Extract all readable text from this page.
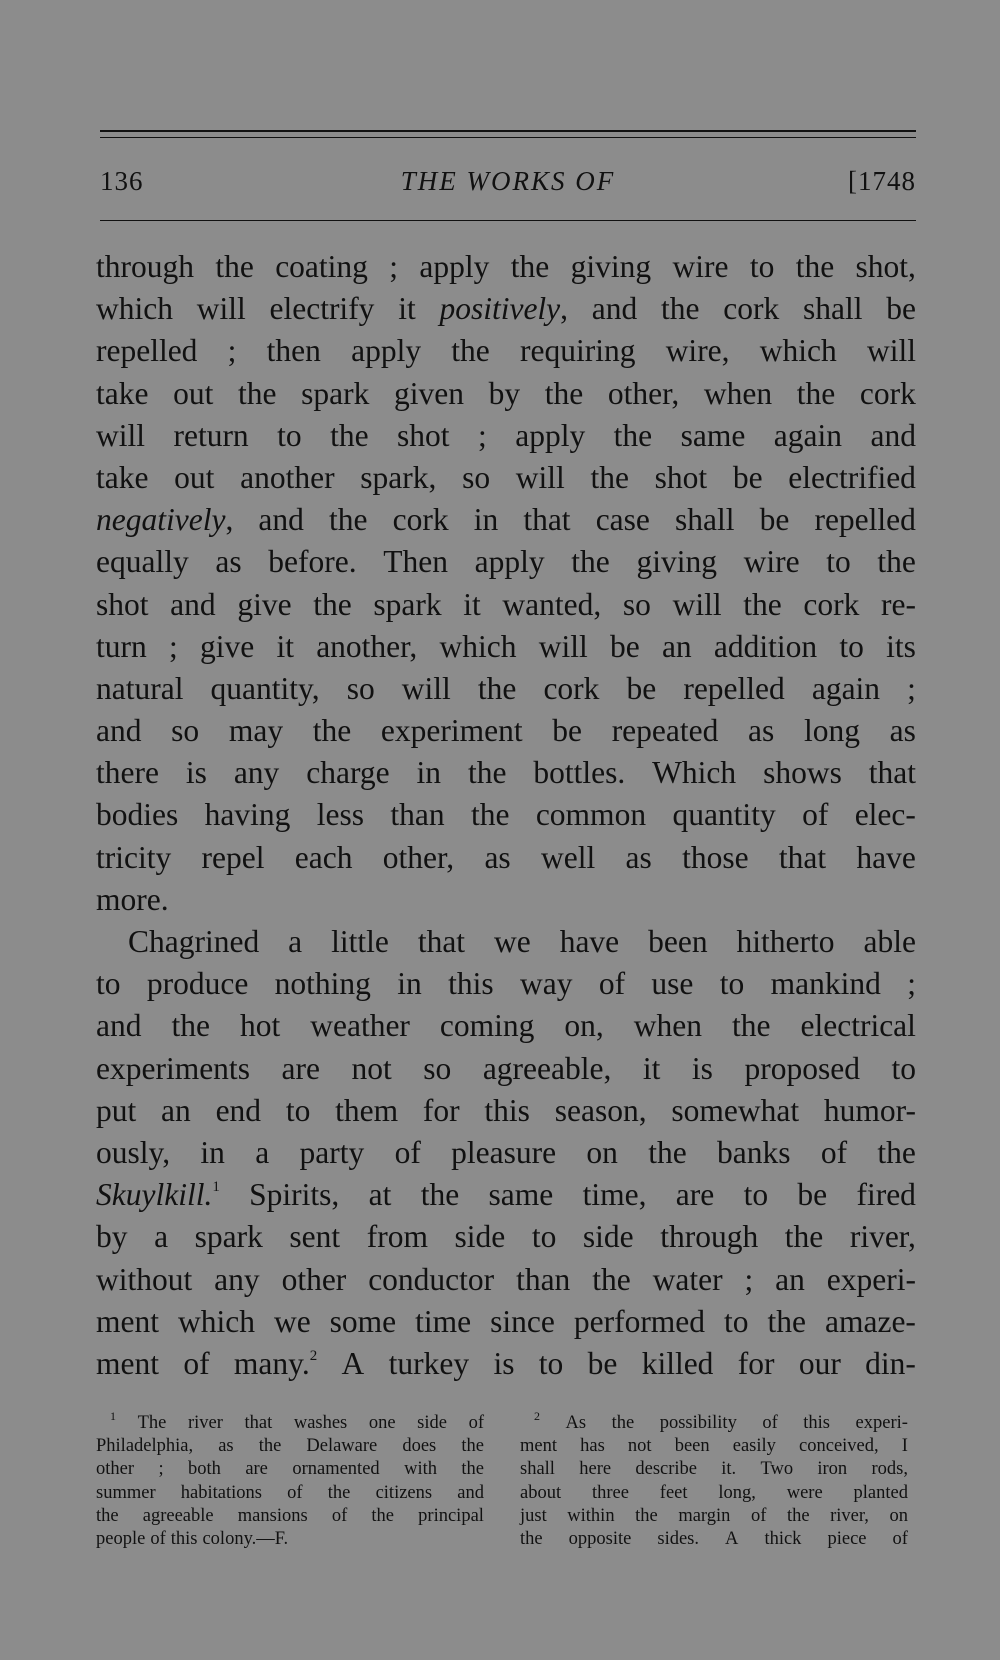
136	THE WORKS OF	[1748
through the coating ; apply the giving wire to the shot,
which will electrify it positively, and the cork shall be
repelled ; then apply the requiring wire, which will
take out the spark given by the other, when the cork
will return to the shot ; apply the same again and
take out another spark, so will the shot be electrified
negatively, and the cork in that case shall be repelled
equally as before. Then apply the giving wire to the
shot and give the spark it wanted, so will the cork re-
turn ; give it another, which will be an addition to its
natural quantity, so will the cork be repelled again ;
and so may the experiment be repeated as long as
there is any charge in the bottles. Which shows that
bodies having less than the common quantity of elec-
tricity repel each other, as well as those that have
more.
Chagrined a little that we have been hitherto able
to produce nothing in this way of use to mankind ;
and the hot weather coming on, when the electrical
experiments are not so agreeable, it is proposed to
put an end to them for this season, somewhat humor-
ously, in a party of pleasure on the banks of the
Skuylkill.$^1$ Spirits, at the same time, are to be fired
by a spark sent from side to side through the river,
without any other conductor than the water ; an experi-
ment which we some time since performed to the amaze-
ment of many.$^2$ A turkey is to be killed for our din-
$^1$ The river that washes one side of
Philadelphia, as the Delaware does the
other ; both are ornamented with the
summer habitations of the citizens and
the agreeable mansions of the principal
people of this colony.—F.
$^2$ As the possibility of this experi-
ment has not been easily conceived, I
shall here describe it. Two iron rods,
about three feet long, were planted
just within the margin of the river, on
the opposite sides. A thick piece of
